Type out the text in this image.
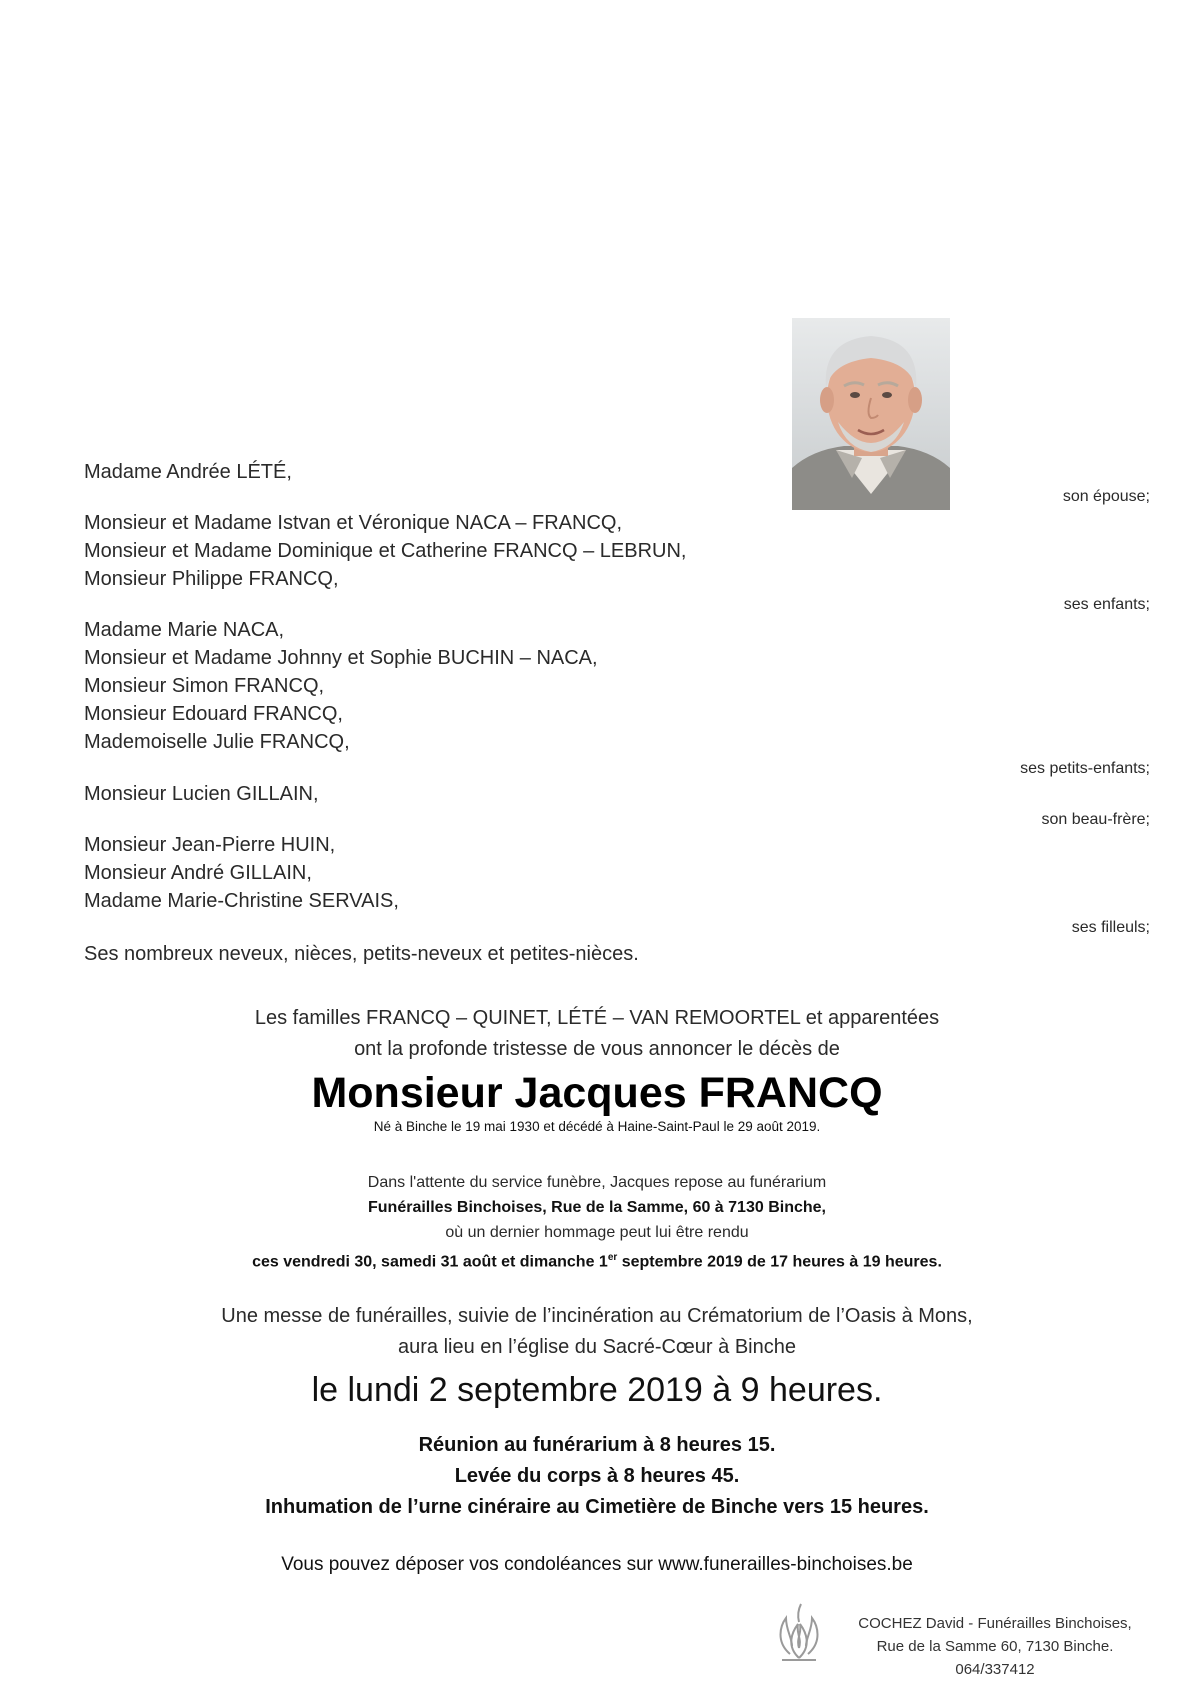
Madame Andrée LÉTÉ,
Monsieur et Madame Istvan et Véronique NACA – FRANCQ,
Monsieur et Madame Dominique et Catherine FRANCQ – LEBRUN,
Monsieur Philippe FRANCQ,
Madame Marie NACA,
Monsieur et Madame Johnny et Sophie BUCHIN – NACA,
Monsieur Simon FRANCQ,
Monsieur Edouard FRANCQ,
Mademoiselle Julie FRANCQ,
Monsieur Lucien GILLAIN,
Monsieur Jean-Pierre HUIN,
Monsieur André GILLAIN,
Madame Marie-Christine SERVAIS,
Ses nombreux neveux, nièces, petits-neveux et petites-nièces.
son épouse;
ses enfants;
ses petits-enfants;
son beau-frère;
ses filleuls;
Les familles FRANCQ – QUINET, LÉTÉ – VAN REMOORTEL et apparentées
ont la profonde tristesse de vous annoncer le décès de
Monsieur Jacques FRANCQ
Né à Binche le 19 mai 1930 et décédé à Haine-Saint-Paul le 29 août 2019.
Dans l'attente du service funèbre, Jacques repose au funérarium
Funérailles Binchoises, Rue de la Samme, 60 à 7130 Binche,
où un dernier hommage peut lui être rendu
ces vendredi 30, samedi 31 août et dimanche 1er septembre 2019 de 17 heures à 19 heures.
Une messe de funérailles, suivie de l’incinération au Crématorium de l’Oasis à Mons,
aura lieu en l’église du Sacré-Cœur à Binche
le lundi 2 septembre 2019 à 9 heures.
Réunion au funérarium à 8 heures 15.
Levée du corps à 8 heures 45.
Inhumation de l’urne cinéraire au Cimetière de Binche vers 15 heures.
Vous pouvez déposer vos condoléances sur www.funerailles-binchoises.be
COCHEZ David - Funérailles Binchoises,
Rue de la Samme 60, 7130 Binche.
064/337412
